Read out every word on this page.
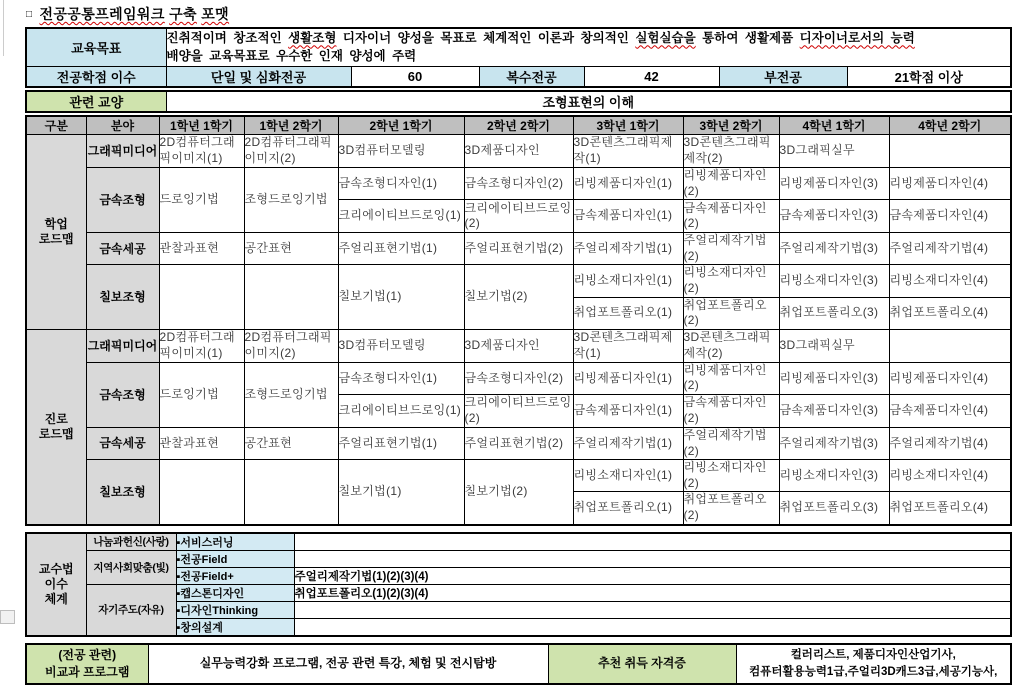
□ 전공공통프레임워크 구축 포맷
교육목표	진취적이며 창조적인 생활조형 디자이너 양성을 목표로 체계적인 이론과 창의적인 실험실습을 통하여 생활제품 디자이너로서의 능력
배양을 교육목표로 우수한 인재 양성에 주력					

전공학점 이수	단일 및 심화전공	60	복수전공	42	부전공	21학점 이상
관련 교양	조형표현의 이해
구분	분야	1학년 1학기	1학년 2학기	2학년 1학기	2학년 2학기	3학년 1학기	3학년 2학기	4학년 1학기	4학년 2학기

학업
로드맵	그래픽미디어	2D컴퓨터그래픽이미지(1)	2D컴퓨터그래픽이미지(2)	3D컴퓨터모델링	3D제품디자인	3D콘텐츠그래픽제작(1)	3D콘텐츠그래픽제작(2)	3D그래픽실무	
	금속조형	드로잉기법	조형드로잉기법	금속조형디자인(1)	금속조형디자인(2)	리빙제품디자인(1)	리빙제품디자인(2)	리빙제품디자인(3)	리빙제품디자인(4)
				크리에이티브드로잉(1)	크리에이티브드로잉(2)	금속제품디자인(1)	금속제품디자인(2)	금속제품디자인(3)	금속제품디자인(4)
	금속세공	관찰과표현	공간표현	주얼리표현기법(1)	주얼리표현기법(2)	주얼리제작기법(1)	주얼리제작기법(2)	주얼리제작기법(3)	주얼리제작기법(4)
	칠보조형			칠보기법(1)	칠보기법(2)	리빙소재디자인(1)	리빙소재디자인(2)	리빙소재디자인(3)	리빙소재디자인(4)
						취업포트폴리오(1)	취업포트폴리오(2)	취업포트폴리오(3)	취업포트폴리오(4)

진로
로드맵	그래픽미디어	2D컴퓨터그래픽이미지(1)	2D컴퓨터그래픽이미지(2)	3D컴퓨터모델링	3D제품디자인	3D콘텐츠그래픽제작(1)	3D콘텐츠그래픽제작(2)	3D그래픽실무	
	금속조형	드로잉기법	조형드로잉기법	금속조형디자인(1)	금속조형디자인(2)	리빙제품디자인(1)	리빙제품디자인(2)	리빙제품디자인(3)	리빙제품디자인(4)
				크리에이티브드로잉(1)	크리에이티브드로잉(2)	금속제품디자인(1)	금속제품디자인(2)	금속제품디자인(3)	금속제품디자인(4)
	금속세공	관찰과표현	공간표현	주얼리표현기법(1)	주얼리표현기법(2)	주얼리제작기법(1)	주얼리제작기법(2)	주얼리제작기법(3)	주얼리제작기법(4)
	칠보조형			칠보기법(1)	칠보기법(2)	리빙소재디자인(1)	리빙소재디자인(2)	리빙소재디자인(3)	리빙소재디자인(4)
						취업포트폴리오(1)	취업포트폴리오(2)	취업포트폴리오(3)	취업포트폴리오(4)
교수법
이수
체계	나눔과헌신(사랑)	▪서비스러닝	
	지역사회맞춤(빛)	▪전공Field	
		▪전공Field+	주얼리제작기법(1)(2)(3)(4)
	자기주도(자유)	▪캡스톤디자인	취업포트폴리오(1)(2)(3)(4)
		▪디자인Thinking	
		▪창의설계	
(전공 관련)
비교과 프로그램
	실무능력강화 프로그램, 전공 관련 특강, 체험 및 전시탐방	추천 취득 자격증	
컬러리스트, 제품디자인산업기사,
컴퓨터활용능력1급,주얼리3D캐드3급,세공기능사,
